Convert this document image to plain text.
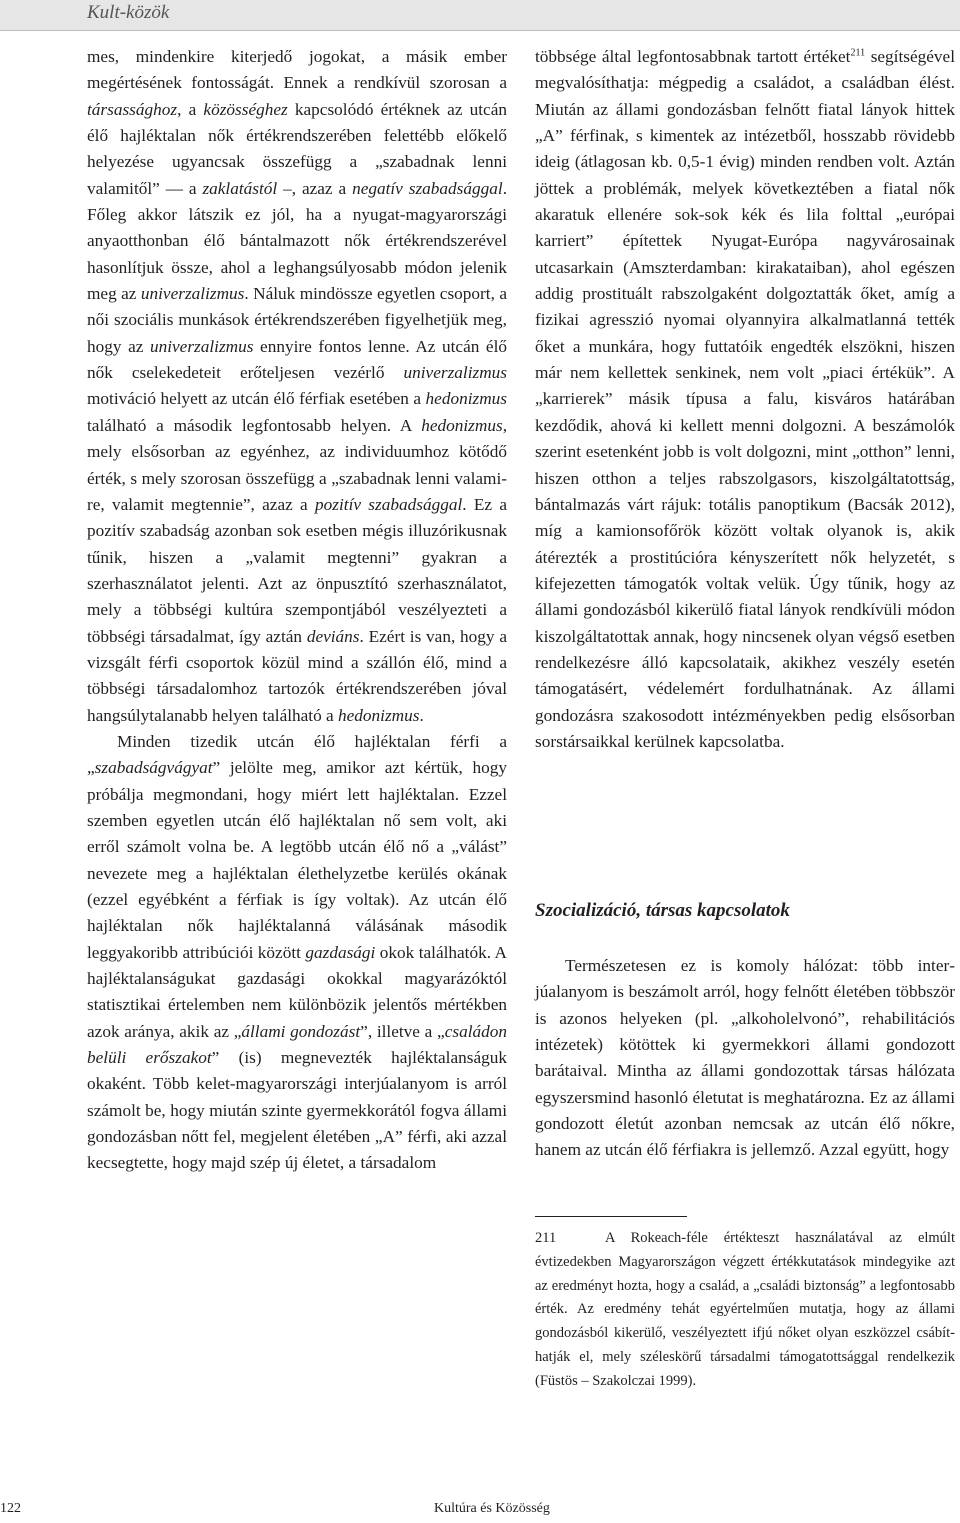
Kult-közök

mes, mindenkire kiterjedő jogokat, a másik ember megértésének fontosságát. Ennek a rendkívül szorosan a társassághoz, a közösséghez kapcsolódó értéknek az utcán élő hajléktalan nők értékrendszerében felettébb előkelő helyezése ugyancsak összefügg a „szabadnak lenni valamitől” — a zaklatástól –, azaz a negatív szabadsággal. Főleg akkor látszik ez jól, ha a nyugat-magyarországi anyaotthonban élő bántalmazott nők értékrendszerével hasonlítjuk össze, ahol a leghangsúlyosabb módon jelenik meg az univerzalizmus. Náluk mindössze egyetlen csoport, a női szociális munkások értékrendszerében figyelhetjük meg, hogy az univerzalizmus ennyire fontos lenne. Az utcán élő nők cselekedeteit erőteljesen vezérlő univerzalizmus motiváció helyett az utcán élő férfiak esetében a hedonizmus található a második legfontosabb helyen. A hedonizmus, mely elsősorban az egyénhez, az individuumhoz kötődő érték, s mely szorosan összefügg a „szabadnak lenni valamire, valamit megtennie”, azaz a pozitív szabadsággal. Ez a pozitív szabadság azonban sok esetben mégis illuzórikusnak tűnik, hiszen a „valamit megtenni” gyakran a szerhasználatot jelenti. Azt az önpusztító szerhasználatot, mely a többségi kultúra szempontjából veszélyezteti a többségi társadalmat, így aztán deviáns. Ezért is van, hogy a vizsgált férfi csoportok közül mind a szállón élő, mind a többségi társadalomhoz tartozók értékrendszerében jóval hangsúlytalanabb helyen található a hedonizmus.

Minden tizedik utcán élő hajléktalan férfi a „szabadságvágyat” jelölte meg, amikor azt kértük, hogy próbálja megmondani, hogy miért lett hajléktalan. Ezzel szemben egyetlen utcán élő hajléktalan nő sem volt, aki erről számolt volna be. A legtöbb utcán élő nő a „válást” nevezete meg a hajléktalan élethelyzetbe kerülés okának (ezzel egyébként a férfiak is így voltak). Az utcán élő hajléktalan nők hajléktalanná válásának második leggyakoribb attribúciói között gazdasági okok találhatók. A hajléktalanságukat gazdasági okokkal magyarázóktól statisztikai értelemben nem különbözik jelentős mértékben azok aránya, akik az „állami gondozást”, illetve a „családon belüli erőszakot” (is) megnevezték hajléktalanságuk okaként. Több kelet-magyarországi interjúalanyom is arról számolt be, hogy miután szinte gyermekkorától fogva állami gondozásban nőtt fel, megjelent életében „A” férfi, aki azzal kecsegtette, hogy majd szép új életet, a társadalom

többsége által legfontosabbnak tartott értéket$^{211}$ segítségével megvalósíthatja: mégpedig a családot, a családban élést. Miután az állami gondozásban felnőtt fiatal lányok hittek „A” férfinak, s kimentek az intézetből, hosszabb rövidebb ideig (átlagosan kb. 0,5-1 évig) minden rendben volt. Aztán jöttek a problémák, melyek következtében a fiatal nők akaratuk ellenére sok-sok kék és lila folttal „európai karriert” építettek Nyugat-Európa nagyvárosainak utcasarkain (Amszterdamban: kirakataiban), ahol egészen addig prostituált rabszolgaként dolgoztatták őket, amíg a fizikai agresszió nyomai olyannyira alkalmatlanná tették őket a munkára, hogy futtatóik engedték elszökni, hiszen már nem kellettek senkinek, nem volt „piaci értékük”. A „karrierek” másik típusa a falu, kisváros határában kezdődik, ahová ki kellett menni dolgozni. A beszámolók szerint esetenként jobb is volt dolgozni, mint „otthon” lenni, hiszen otthon a teljes rabszolgasors, kiszolgáltatottság, bántalmazás várt rájuk: totális panoptikum (Bacsák 2012), míg a kamionsofőrök között voltak olyanok is, akik átérezték a prostitúcióra kényszerített nők helyzetét, s kifejezetten támogatók voltak velük. Úgy tűnik, hogy az állami gondozásból kikerülő fiatal lányok rendkívüli módon kiszolgáltatottak annak, hogy nincsenek olyan végső esetben rendelkezésre álló kapcsolataik, akikhez veszély esetén támogatásért, védelemért fordulhatnának. Az állami gondozásra szakosodott intézményekben pedig elsősorban sorstársaikkal kerülnek kapcsolatba.

Szocializáció, társas kapcsolatok

Természetesen ez is komoly hálózat: több interjúalanyom is beszámolt arról, hogy felnőtt életében többször is azonos helyeken (pl. „alkoholelvonó”, rehabilitációs intézetek) kötöttek ki gyermekkori állami gondozott barátaival. Mintha az állami gondozottak társas hálózata egyszersmind hasonló életutat is meghatározna. Ez az állami gondozott életút azonban nemcsak az utcán élő nőkre, hanem az utcán élő férfiakra is jellemző. Azzal együtt, hogy

211	A Rokeach-féle értékteszt használatával az elmúlt évtizedekben Magyarországon végzett értékkutatások mindegyike azt az eredményt hozta, hogy a család, a „családi biztonság” a legfontosabb érték. Az eredmény tehát egyértelműen mutatja, hogy az állami gondozásból kikerülő, veszélyeztett ifjú nőket olyan eszközzel csábíthatják el, mely széleskörű társadalmi támogatottsággal rendelkezik (Füstös – Szakolczai 1999).
122	Kultúra és Közösség
